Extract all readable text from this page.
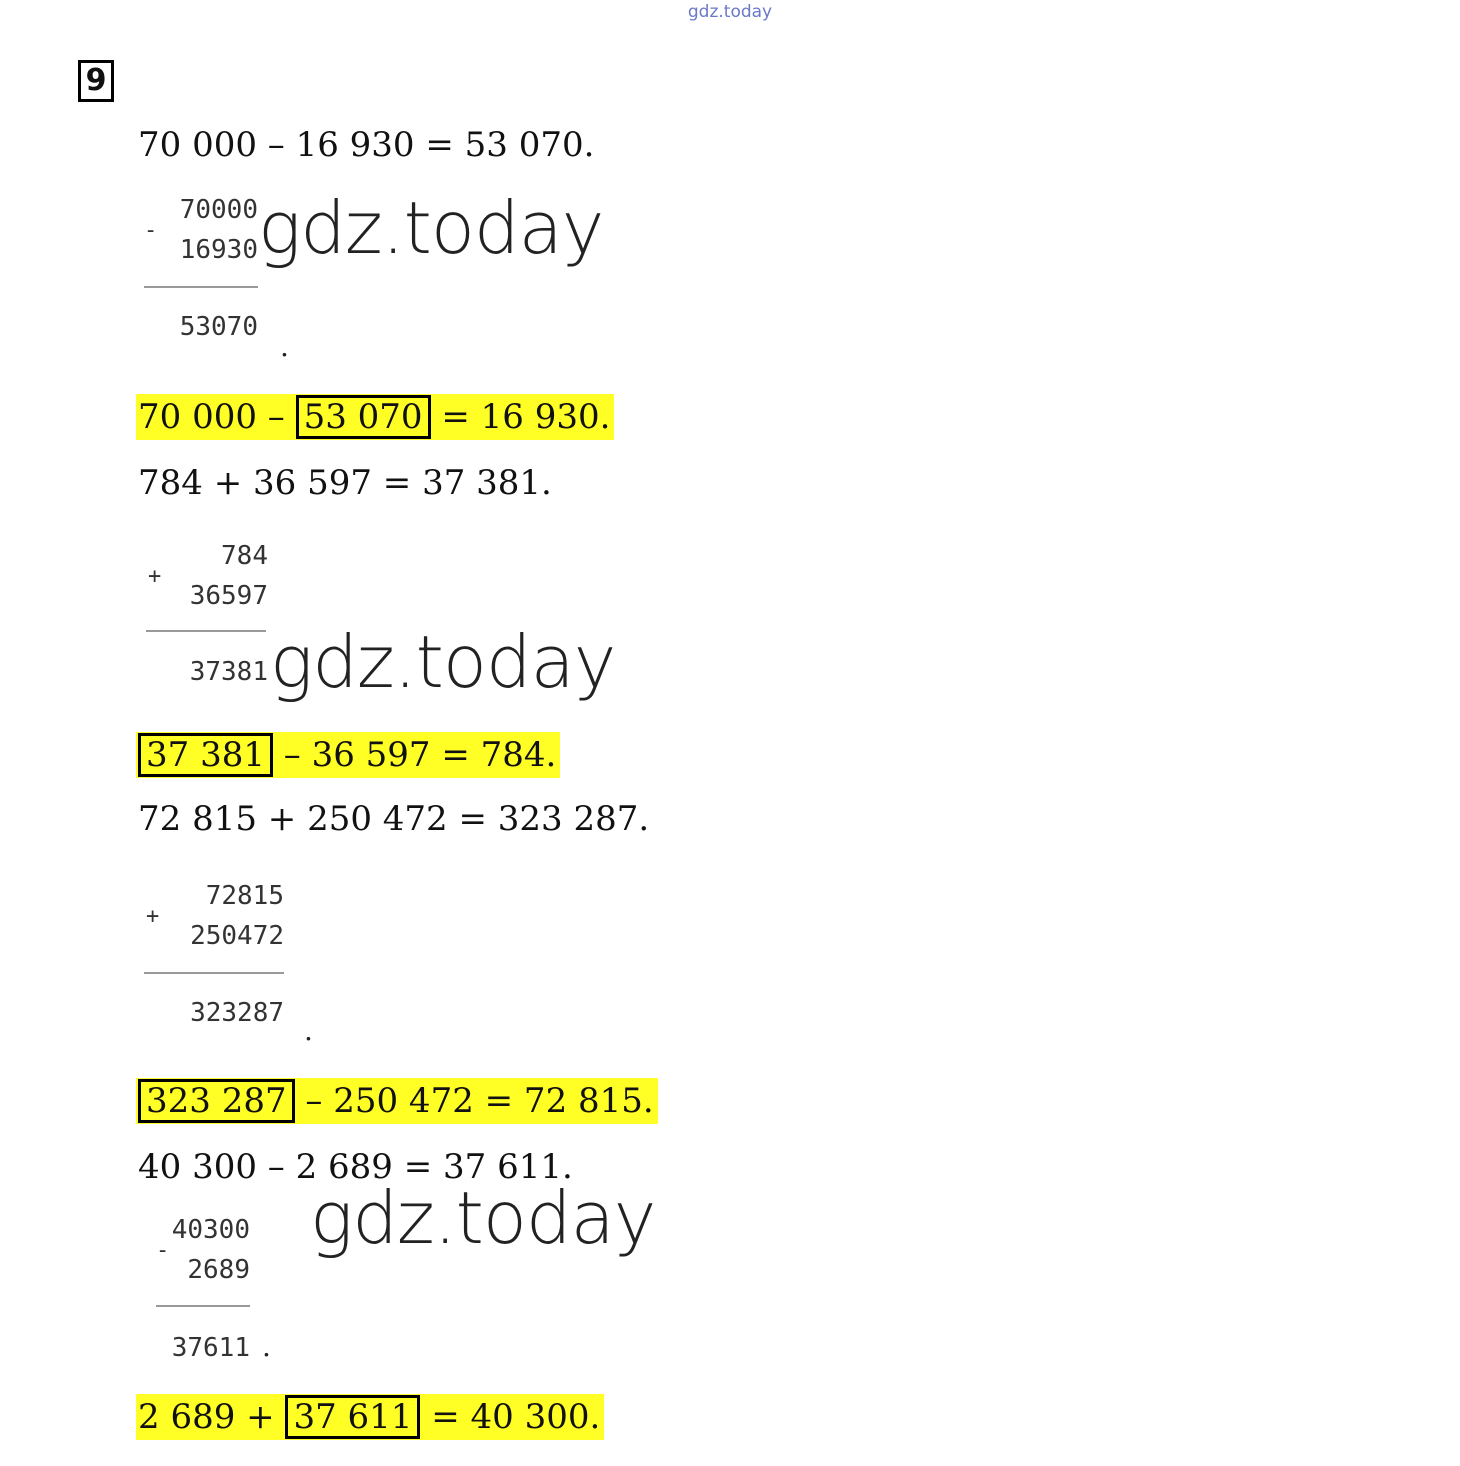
gdz.today
9
70 000 – 16 930 = 53 070.
-
70000
16930
53070
.
gdz.today
70 000 – 53 070 = 16 930.
784 + 36 597 = 37 381.
+
784
36597
37381 gdz.today
37 381 – 36 597 = 784.
72 815 + 250 472 = 323 287.
+
72815
250472
323287
.
323 287 – 250 472 = 72 815.
40 300 – 2 689 = 37 611.
-
40300
2689
37611 .
gdz.today
2 689 + 37 611 = 40 300.
